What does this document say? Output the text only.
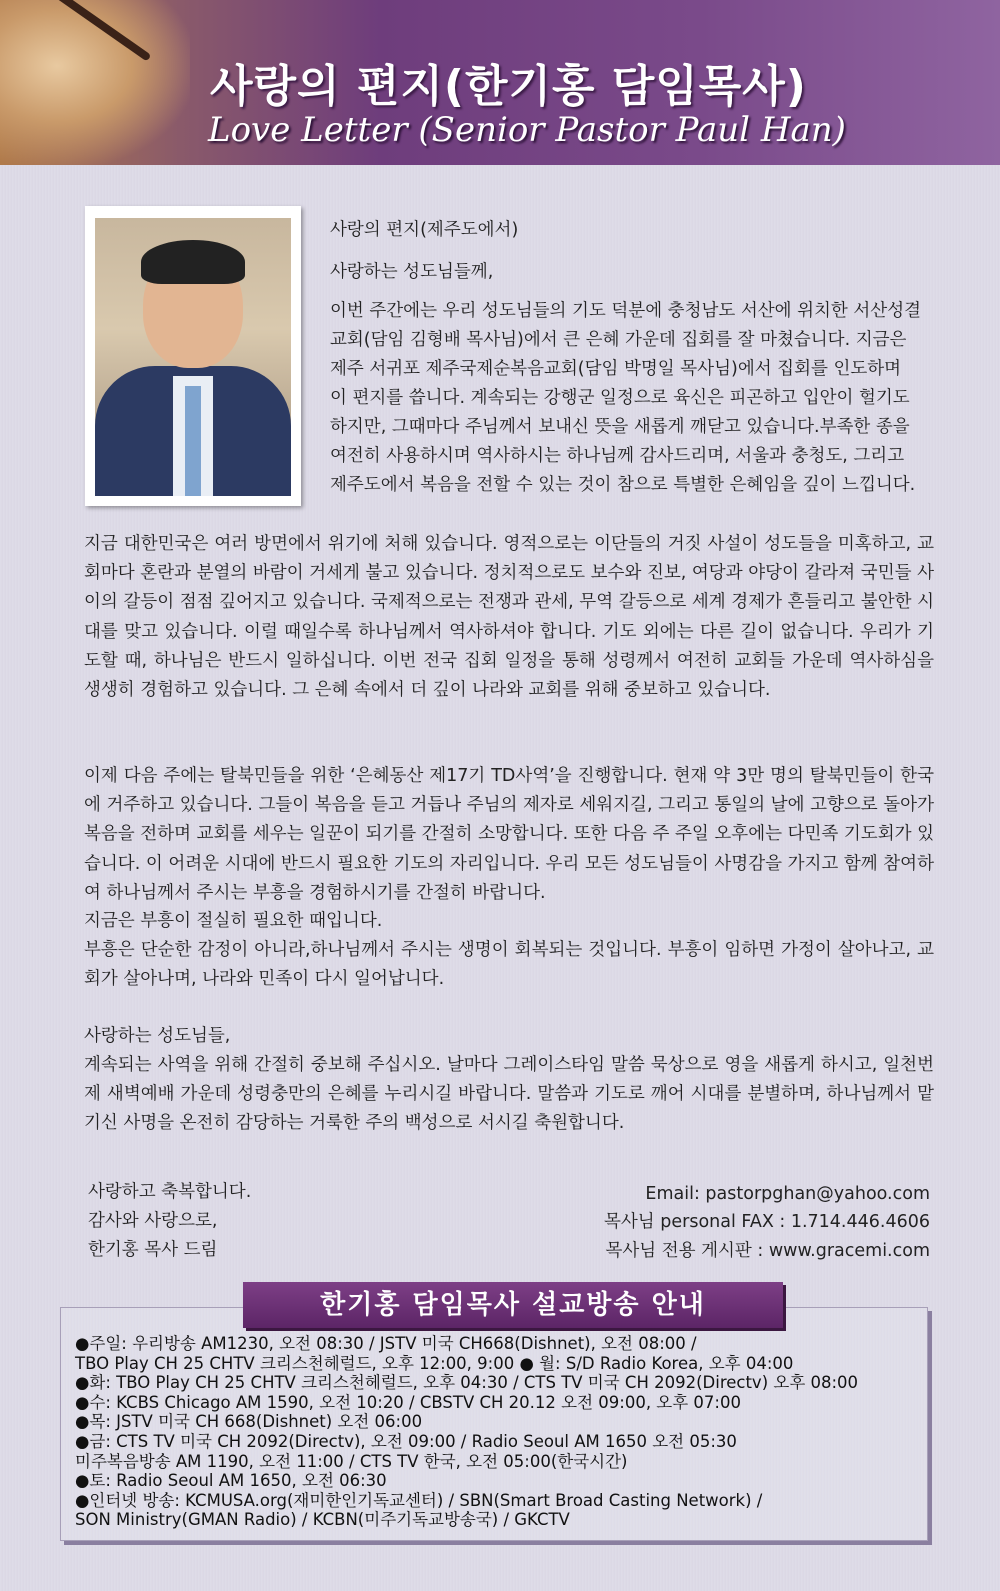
사랑의 편지(한기홍 담임목사)
Love Letter (Senior Pastor Paul Han)
사랑의 편지(제주도에서)
사랑하는 성도님들께,
이번 주간에는 우리 성도님들의 기도 덕분에 충청남도 서산에 위치한 서산성결
교회(담임 김형배 목사님)에서 큰 은혜 가운데 집회를 잘 마쳤습니다. 지금은
제주 서귀포 제주국제순복음교회(담임 박명일 목사님)에서 집회를 인도하며
이 편지를 씁니다. 계속되는 강행군 일정으로 육신은 피곤하고 입안이 헐기도
하지만, 그때마다 주님께서 보내신 뜻을 새롭게 깨닫고 있습니다.부족한 종을
여전히 사용하시며 역사하시는 하나님께 감사드리며, 서울과 충청도, 그리고
제주도에서 복음을 전할 수 있는 것이 참으로 특별한 은혜임을 깊이 느낍니다.

지금 대한민국은 여러 방면에서 위기에 처해 있습니다. 영적으로는 이단들의 거짓 사설이 성도들을 미혹하고, 교회마다 혼란과 분열의 바람이 거세게 불고 있습니다. 정치적으로도 보수와 진보, 여당과 야당이 갈라져 국민들 사이의 갈등이 점점 깊어지고 있습니다. 국제적으로는 전쟁과 관세, 무역 갈등으로 세계 경제가 흔들리고 불안한 시대를 맞고 있습니다. 이럴 때일수록 하나님께서 역사하셔야 합니다. 기도 외에는 다른 길이 없습니다. 우리가 기도할 때, 하나님은 반드시 일하십니다. 이번 전국 집회 일정을 통해 성령께서 여전히 교회들 가운데 역사하심을 생생히 경험하고 있습니다. 그 은혜 속에서 더 깊이 나라와 교회를 위해 중보하고 있습니다.

이제 다음 주에는 탈북민들을 위한 ‘은혜동산 제17기 TD사역’을 진행합니다. 현재 약 3만 명의 탈북민들이 한국에 거주하고 있습니다. 그들이 복음을 듣고 거듭나 주님의 제자로 세워지길, 그리고 통일의 날에 고향으로 돌아가 복음을 전하며 교회를 세우는 일꾼이 되기를 간절히 소망합니다. 또한 다음 주 주일 오후에는 다민족 기도회가 있습니다. 이 어려운 시대에 반드시 필요한 기도의 자리입니다. 우리 모든 성도님들이 사명감을 가지고 함께 참여하여 하나님께서 주시는 부흥을 경험하시기를 간절히 바랍니다.

지금은 부흥이 절실히 필요한 때입니다.

부흥은 단순한 감정이 아니라,하나님께서 주시는 생명이 회복되는 것입니다. 부흥이 임하면 가정이 살아나고, 교회가 살아나며, 나라와 민족이 다시 일어납니다.

사랑하는 성도님들,

계속되는 사역을 위해 간절히 중보해 주십시오. 날마다 그레이스타임 말씀 묵상으로 영을 새롭게 하시고, 일천번제 새벽예배 가운데 성령충만의 은혜를 누리시길 바랍니다. 말씀과 기도로 깨어 시대를 분별하며, 하나님께서 맡기신 사명을 온전히 감당하는 거룩한 주의 백성으로 서시길 축원합니다.

사랑하고 축복합니다.
감사와 사랑으로,
한기홍 목사 드림
Email: pastorpghan@yahoo.com
목사님 personal FAX : 1.714.446.4606
목사님 전용 게시판 : www.gracemi.com
한기홍 담임목사 설교방송 안내
●주일: 우리방송 AM1230, 오전 08:30 / JSTV 미국 CH668(Dishnet), 오전 08:00 /
TBO Play CH 25 CHTV 크리스천헤럴드, 오후 12:00, 9:00 ● 월: S/D Radio Korea, 오후 04:00
●화: TBO Play CH 25 CHTV 크리스천헤럴드, 오후 04:30 / CTS TV 미국 CH 2092(Directv) 오후 08:00
●수: KCBS Chicago AM 1590, 오전 10:20 / CBSTV CH 20.12 오전 09:00, 오후 07:00
●목: JSTV 미국 CH 668(Dishnet) 오전 06:00
●금: CTS TV 미국 CH 2092(Directv), 오전 09:00 / Radio Seoul AM 1650 오전 05:30
미주복음방송 AM 1190, 오전 11:00 / CTS TV 한국, 오전 05:00(한국시간)
●토: Radio Seoul AM 1650, 오전 06:30
●인터넷 방송: KCMUSA.org(재미한인기독교센터) / SBN(Smart Broad Casting Network) /
SON Ministry(GMAN Radio) / KCBN(미주기독교방송국) / GKCTV
